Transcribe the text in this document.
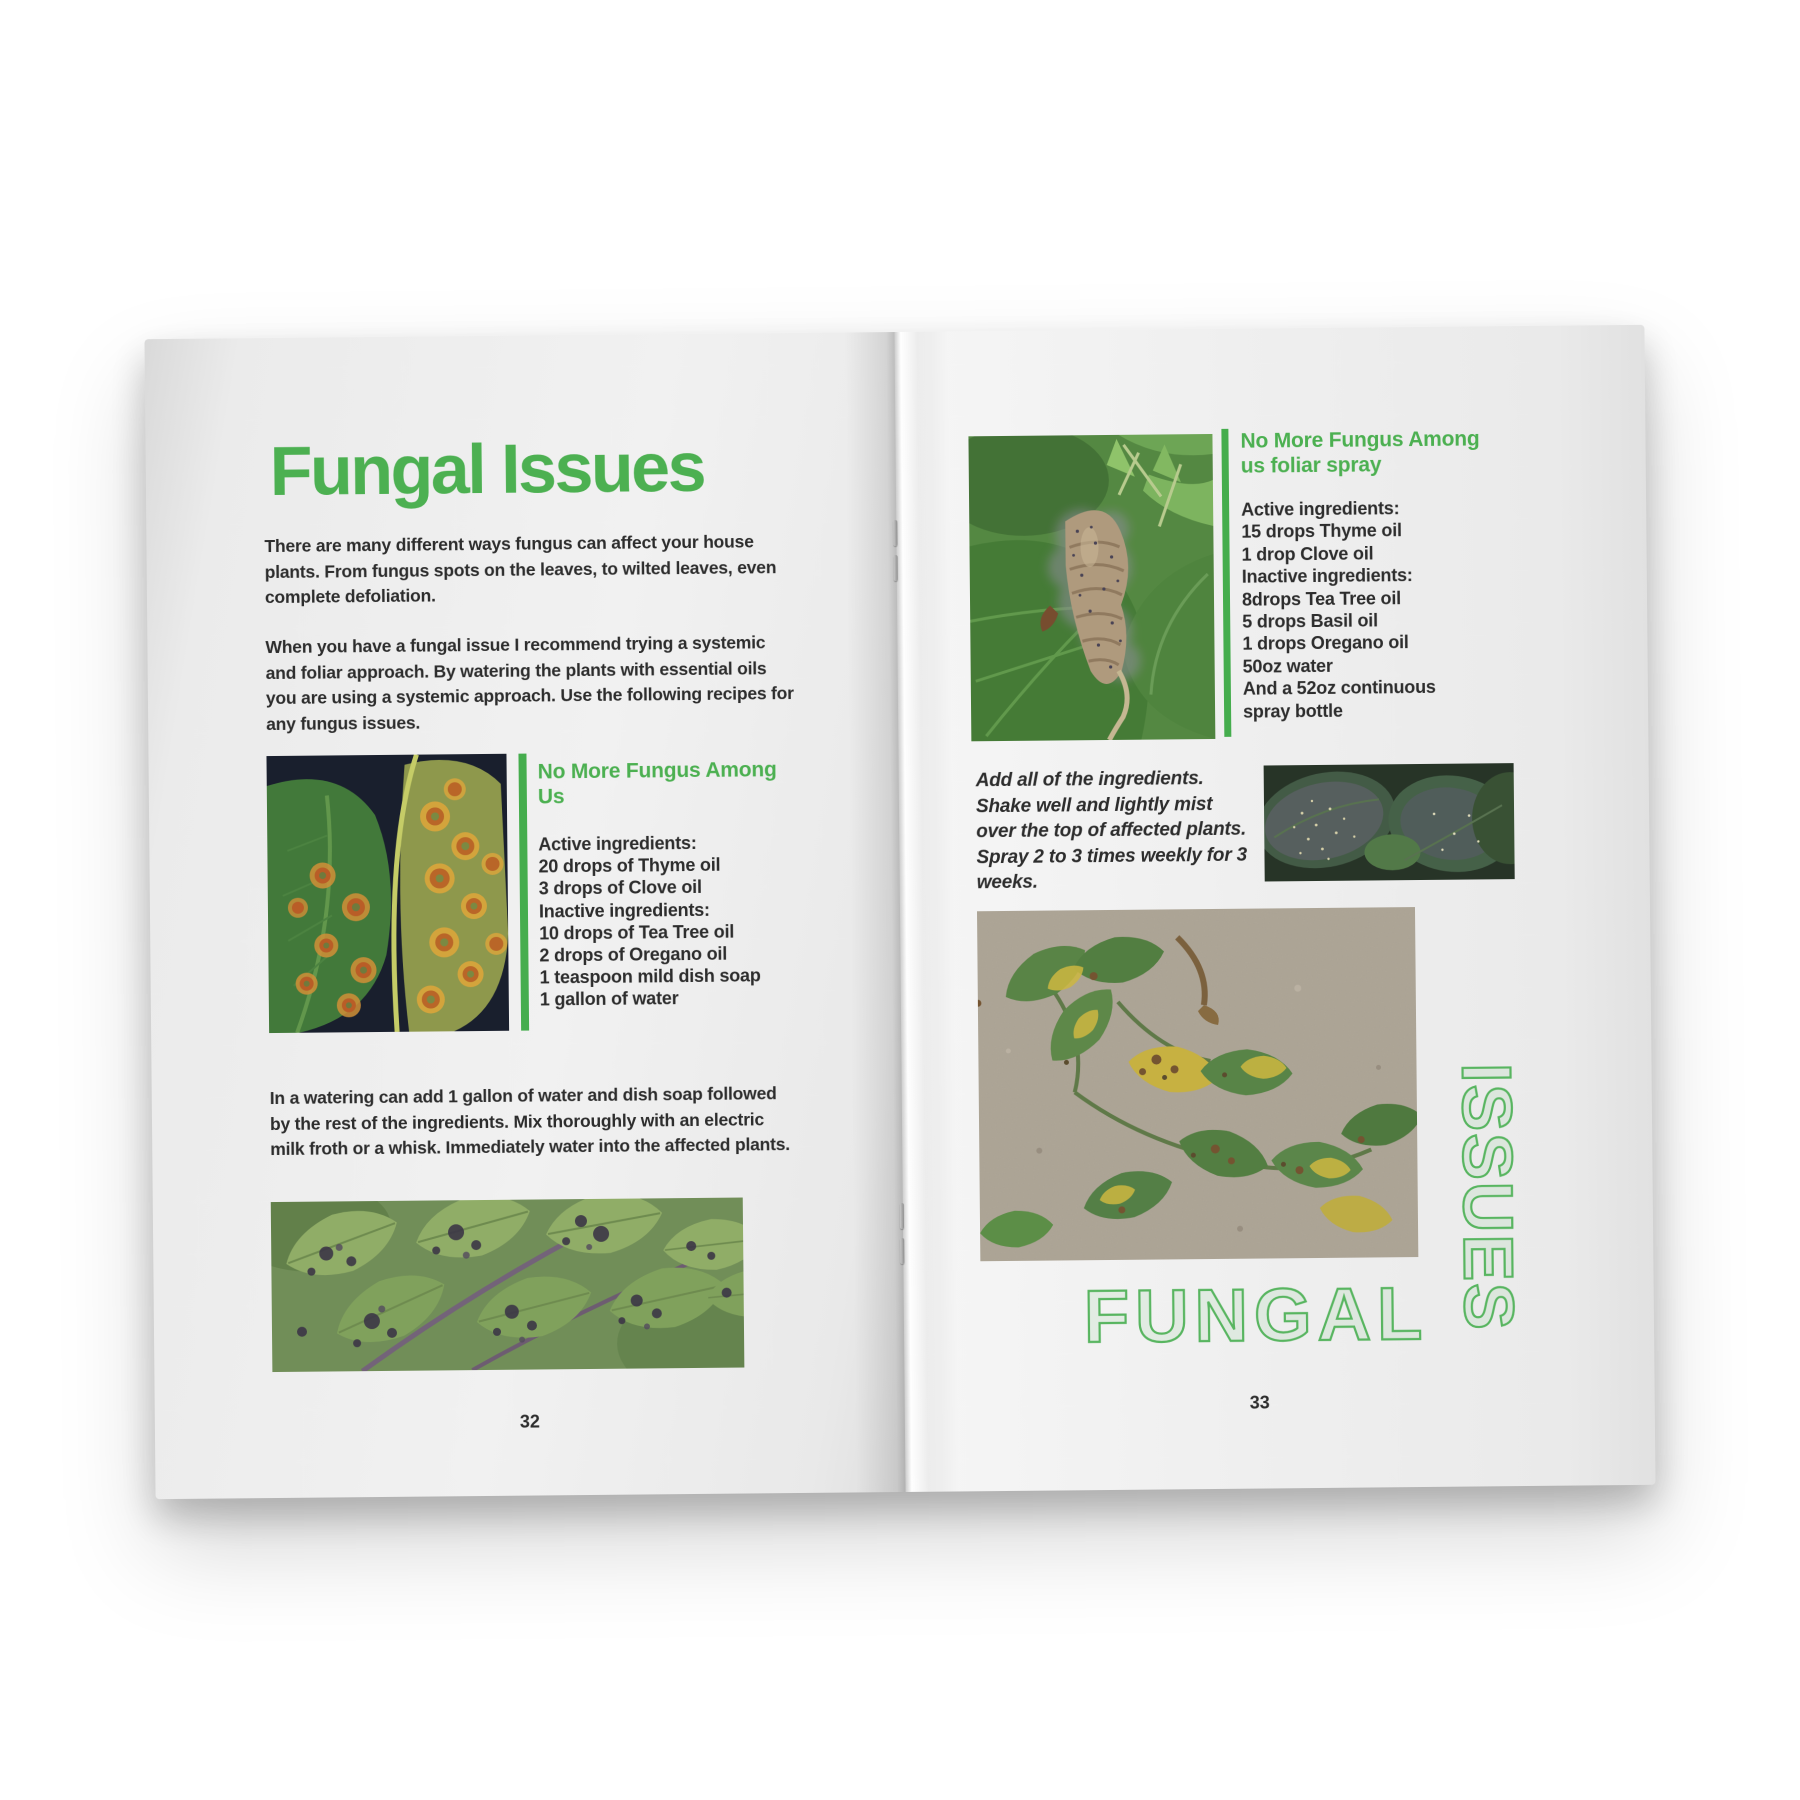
Fungal Issues

There are many different ways fungus can affect your house
plants. From fungus spots on the leaves, to wilted leaves, even
complete defoliation.

When you have a fungal issue I recommend trying a systemic
and foliar approach. By watering the plants with essential oils
you are using a systemic approach. Use the following recipes for
any fungus issues.

No More Fungus Among Us
Active ingredients:
20 drops of Thyme oil
3 drops of Clove oil
Inactive ingredients:
10 drops of Tea Tree oil
2 drops of Oregano oil
1 teaspoon mild dish soap
1 gallon of water

In a watering can add 1 gallon of water and dish soap followed
by the rest of the ingredients. Mix thoroughly with an electric
milk froth or a whisk. Immediately water into the affected plants.

32
No More Fungus Among
us foliar spray
Active ingredients:
15 drops Thyme oil
1 drop Clove oil
Inactive ingredients:
8drops Tea Tree oil
5 drops Basil oil
1 drops Oregano oil
50oz water
And a 52oz continuous
spray bottle

Add all of the ingredients.
Shake well and lightly mist
over the top of affected plants.
Spray 2 to 3 times weekly for 3
weeks.

ISSUES
FUNGAL
33
